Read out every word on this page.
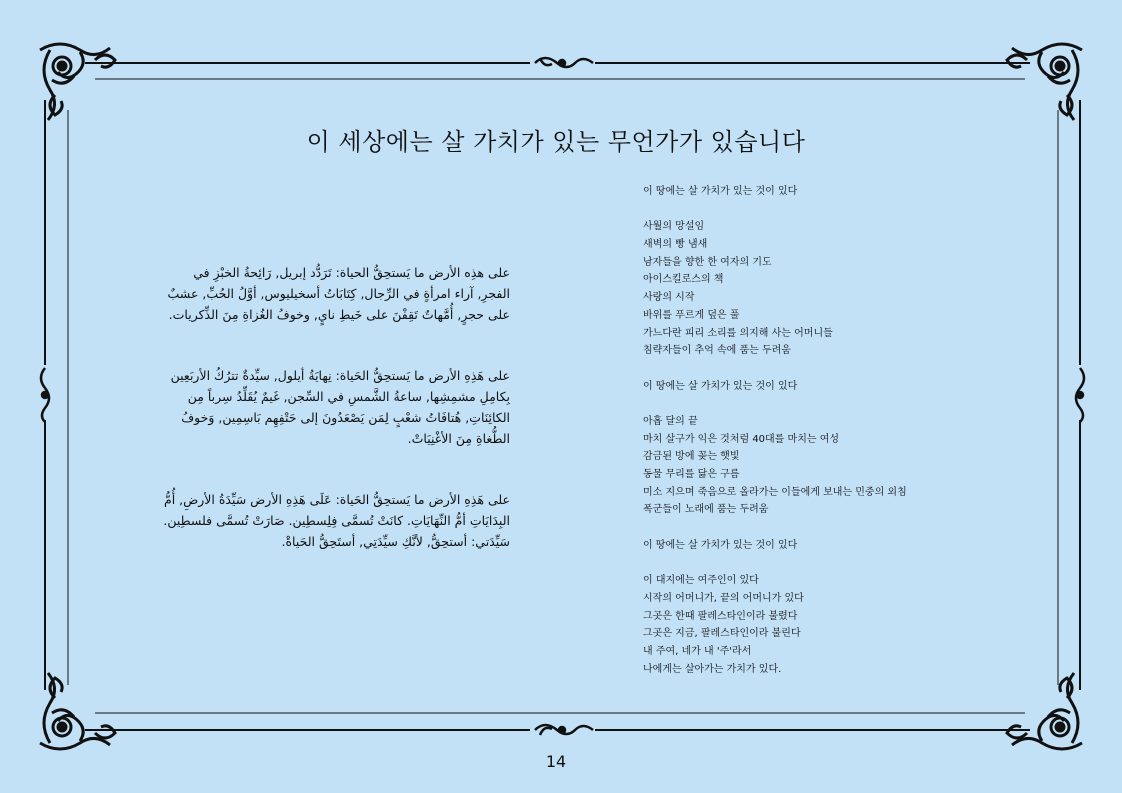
이 세상에는 살 가치가 있는 무언가가 있습니다

على هذِه الأرض ما يَستحِقُّ الحياة: تَرَدُّد إبريل, رَائِحةُ الخبْزِ في الفجرِ, آراء امرأةٍ في الرِّجال, كِتَابَاتُ أسخيليوس, أوَّلُ الحُبِّ, عشبٌ على حجرٍ, أُمَّهاتٌ تَقِفْنَ على خَيطِ نايٍ, وخوفُ الغُزاةِ مِنَ الذِّكريات.

على هَذِهِ الأرض ما يَستحِقُّ الحَياة: نِهايَةُ أيلول, سيِّدةٌ تترُكُ الأربَعِين بِكامِلِ مشمِشِها, ساعةُ الشَّمسِ في السِّجن, غَيمٌ يُقَلِّدُ سِرباً مِن الكائِنَاتِ, هُتافَاتُ شعْبٍ لِمَن يَصْعَدُونَ إلى حَتْفِهِم بَاسِمِين, وَخوفُ الطُّغاةِ مِنَ الأغْنِيَاتْ.

على هَذِهِ الأرض ما يَستحِقُّ الحَياة: عَلَى هَذِهِ الأرض سَيِّدَةُ الأرضِ, أُمُّ البِدَايَاتِ أمُّ النِّهَايَاتِ. كانَتْ تُسمَّى فِلِسطِين. صَارَتْ تُسمَّى فلسطِين. سَيِّدَتي: أستحِقُّ, لأنَّكِ سيِّدَتِي, أستَحِقُّ الحَياةْ.

이 땅에는 살 가치가 있는 것이 있다
사월의 망설임
새벽의 빵 냄새
남자들을 향한 한 여자의 기도
아이스킬로스의 책
사랑의 시작
바위를 푸르게 덮은 풀
가느다란 피리 소리를 의지해 사는 어머니들
침략자들이 추억 속에 품는 두려움
이 땅에는 살 가치가 있는 것이 있다
아홉 달의 끝
마치 살구가 익은 것처럼 40대를 마치는 여성
감금된 방에 꽂는 햇빛
동물 무리를 닮은 구름
미소 지으며 죽음으로 올라가는 이들에게 보내는 민중의 외침
폭군들이 노래에 품는 두려움
이 땅에는 살 가치가 있는 것이 있다
이 대지에는 여주인이 있다
시작의 어머니가, 끝의 어머니가 있다
그곳은 한때 팔레스타인이라 불렸다
그곳은 지금, 팔레스타인이라 불린다
내 주여, 네가 내 '주'라서
나에게는 살아가는 가치가 있다.
14
